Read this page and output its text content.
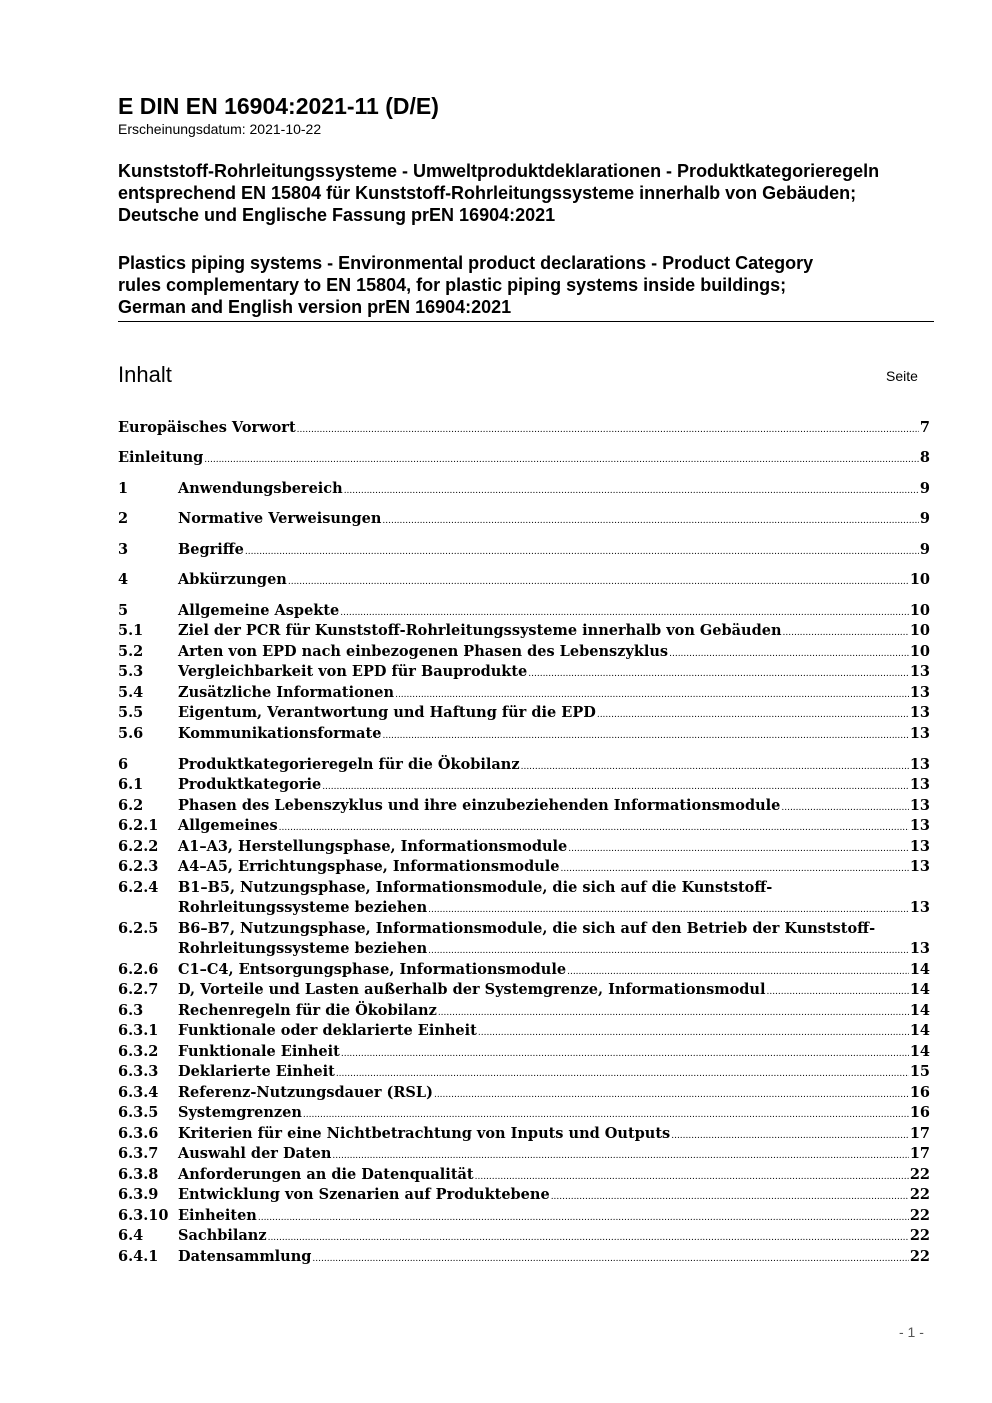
E DIN EN 16904:2021-11 (D/E)
Erscheinungsdatum: 2021-10-22
Kunststoff-Rohrleitungssysteme - Umweltproduktdeklarationen - Produktkategorieregeln entsprechend EN 15804 für Kunststoff-Rohrleitungssysteme innerhalb von Gebäuden; Deutsche und Englische Fassung prEN 16904:2021
Plastics piping systems - Environmental product declarations - Product Category
rules complementary to EN 15804, for plastic piping systems inside buildings;
German and English version prEN 16904:2021
Inhalt	Seite
Europäisches Vorwort .....	7
Einleitung .....	8
1	Anwendungsbereich .....	9
2	Normative Verweisungen .....	9
3	Begriffe .....	9
4	Abkürzungen .....	10
5	Allgemeine Aspekte .....	10
5.1	Ziel der PCR für Kunststoff-Rohrleitungssysteme innerhalb von Gebäuden .....	10
5.2	Arten von EPD nach einbezogenen Phasen des Lebenszyklus .....	10
5.3	Vergleichbarkeit von EPD für Bauprodukte .....	13
5.4	Zusätzliche Informationen .....	13
5.5	Eigentum, Verantwortung und Haftung für die EPD .....	13
5.6	Kommunikationsformate .....	13
6	Produktkategorieregeln für die Ökobilanz .....	13
6.1	Produktkategorie .....	13
6.2	Phasen des Lebenszyklus und ihre einzubeziehenden Informationsmodule .....	13
6.2.1	Allgemeines .....	13
6.2.2	A1–A3, Herstellungsphase, Informationsmodule .....	13
6.2.3	A4–A5, Errichtungsphase, Informationsmodule .....	13
6.2.4	B1–B5, Nutzungsphase, Informationsmodule, die sich auf die Kunststoff-
Rohrleitungssysteme beziehen .....	13
6.2.5	B6–B7, Nutzungsphase, Informationsmodule, die sich auf den Betrieb der Kunststoff-
Rohrleitungssysteme beziehen .....	13
6.2.6	C1–C4, Entsorgungsphase, Informationsmodule .....	14
6.2.7	D, Vorteile und Lasten außerhalb der Systemgrenze, Informationsmodul .....	14
6.3	Rechenregeln für die Ökobilanz .....	14
6.3.1	Funktionale oder deklarierte Einheit .....	14
6.3.2	Funktionale Einheit .....	14
6.3.3	Deklarierte Einheit .....	15
6.3.4	Referenz-Nutzungsdauer (RSL) .....	16
6.3.5	Systemgrenzen .....	16
6.3.6	Kriterien für eine Nichtbetrachtung von Inputs und Outputs .....	17
6.3.7	Auswahl der Daten .....	17
6.3.8	Anforderungen an die Datenqualität .....	22
6.3.9	Entwicklung von Szenarien auf Produktebene .....	22
6.3.10 Einheiten .....	22
6.4	Sachbilanz .....	22
6.4.1	Datensammlung .....	22
- 1 -
